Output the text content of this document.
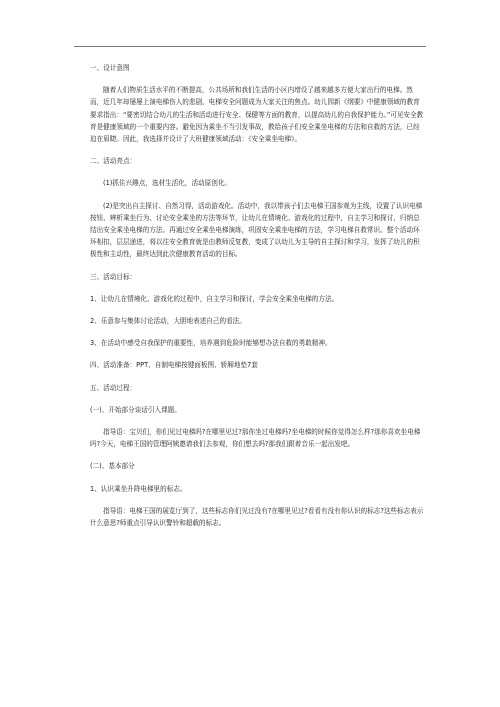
一、设计意图

随着人们物质生活水平的不断提高，公共场所和我们生活的小区内增设了越来越多方便大家出行的电梯。然而，近几年却屡屡上演电梯伤人的悲剧，电梯安全问题成为大家关注的焦点。幼儿园新《纲要》中健康领域的教育要求指出：“要密切结合幼儿的生活和活动进行安全、保健等方面的教育，以提高幼儿的自我保护能力。”可见安全教育是健康领域的一个重要内容。避免因为乘坐不当引发事故，教给孩子们安全乘坐电梯的方法和自救的方法，已经迫在眉睫。因此，我选择并设计了大班健康领域活动：《安全乘坐电梯》。

二、活动亮点：

(1)抓住兴趣点，选材生活化，活动原创化。

(2)是突出自主探讨、自然习得，活动游戏化。活动中，我以带孩子们去电梯王国参观为主线，设置了认识电梯按钮、辨析乘坐行为、讨论安全乘坐的方法等环节，让幼儿在情境化、游戏化的过程中，自主学习和探讨，归纳总结出安全乘坐电梯的方法。再通过安全乘坐电梯演练，巩固安全乘坐电梯的方法，学习电梯自救常识。整个活动环环相扣，层层递进，将以往安全教育就是由教师反复教，变成了以幼儿为主导的自主探讨和学习，发挥了幼儿的积极性和主动性，最终达到此次健康教育活动的目标。

三、活动目标：

1、让幼儿在情境化、游戏化的过程中，自主学习和探讨，学会安全乘坐电梯的方法。

2、乐意参与集体讨论活动，大胆地表述自己的看法。

3、在活动中感受自我保护的重要性，培养遇到危险时能够想办法自救的勇敢精神。

四、活动准备：PPT、自制电梯按键面板图、轿厢地垫7套

五、活动过程：

(一)、开始部分谈话引入课题。

指导语：宝贝们，你们见过电梯吗?在哪里见过?那你坐过电梯吗?坐电梯的时候你觉得怎么样?那你喜欢坐电梯吗?今天，电梯王国的管理阿姨邀请我们去参观，你们想去吗?那我们跟着音乐一起出发吧。

(二)、基本部分

1、认识乘坐升降电梯里的标志。

指导语：电梯王国的展览厅到了，这些标志你们见过没有?在哪里见过?看看有没有你认识的标志?这些标志表示什么意思?师重点引导认识警铃和超载的标志。
